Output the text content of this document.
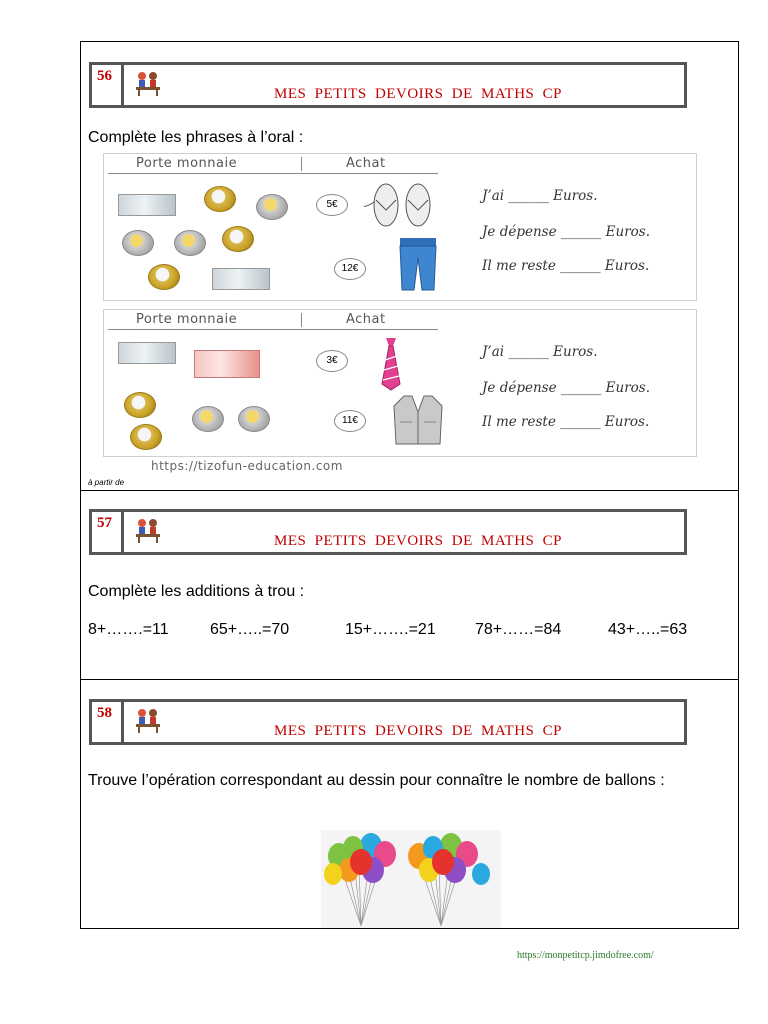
56
MES PETITS DEVOIRS DE MATHS CP
Complète les phrases à l’oral :
Porte monnaie	Achat
5€
12€
J’ai ______ Euros.
Je dépense ______ Euros.
Il me reste ______ Euros.
Porte monnaie	Achat
3€
11€
J’ai ______ Euros.
Je dépense ______ Euros.
Il me reste ______ Euros.
https://tizofun-education.com
à partir de
57
MES PETITS DEVOIRS DE MATHS CP
Complète les additions à trou :
8+…….=11	65+…..=70	15+…….=21	78+……=84	43+…..=63
58
MES PETITS DEVOIRS DE MATHS CP
Trouve l’opération correspondant au dessin pour connaître le nombre de ballons :
https://monpetitcp.jimdofree.com/
